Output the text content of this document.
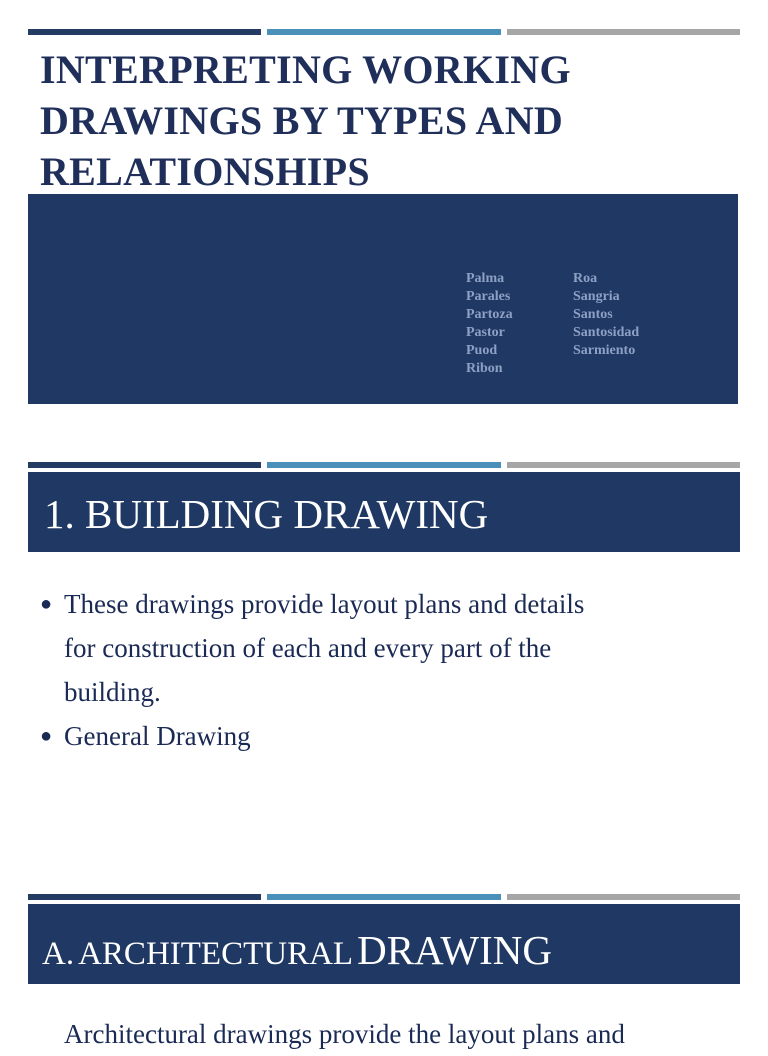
INTERPRETING WORKING
DRAWINGS BY TYPES AND
RELATIONSHIPS
Palma
Parales
Partoza
Pastor
Puod
Ribon
Roa
Sangria
Santos
Santosidad
Sarmiento
1. BUILDING DRAWING
● These drawings provide layout plans and details
for construction of each and every part of the
building.
● General Drawing
A. ARCHITECTURAL DRAWING
Architectural drawings provide the layout plans and
